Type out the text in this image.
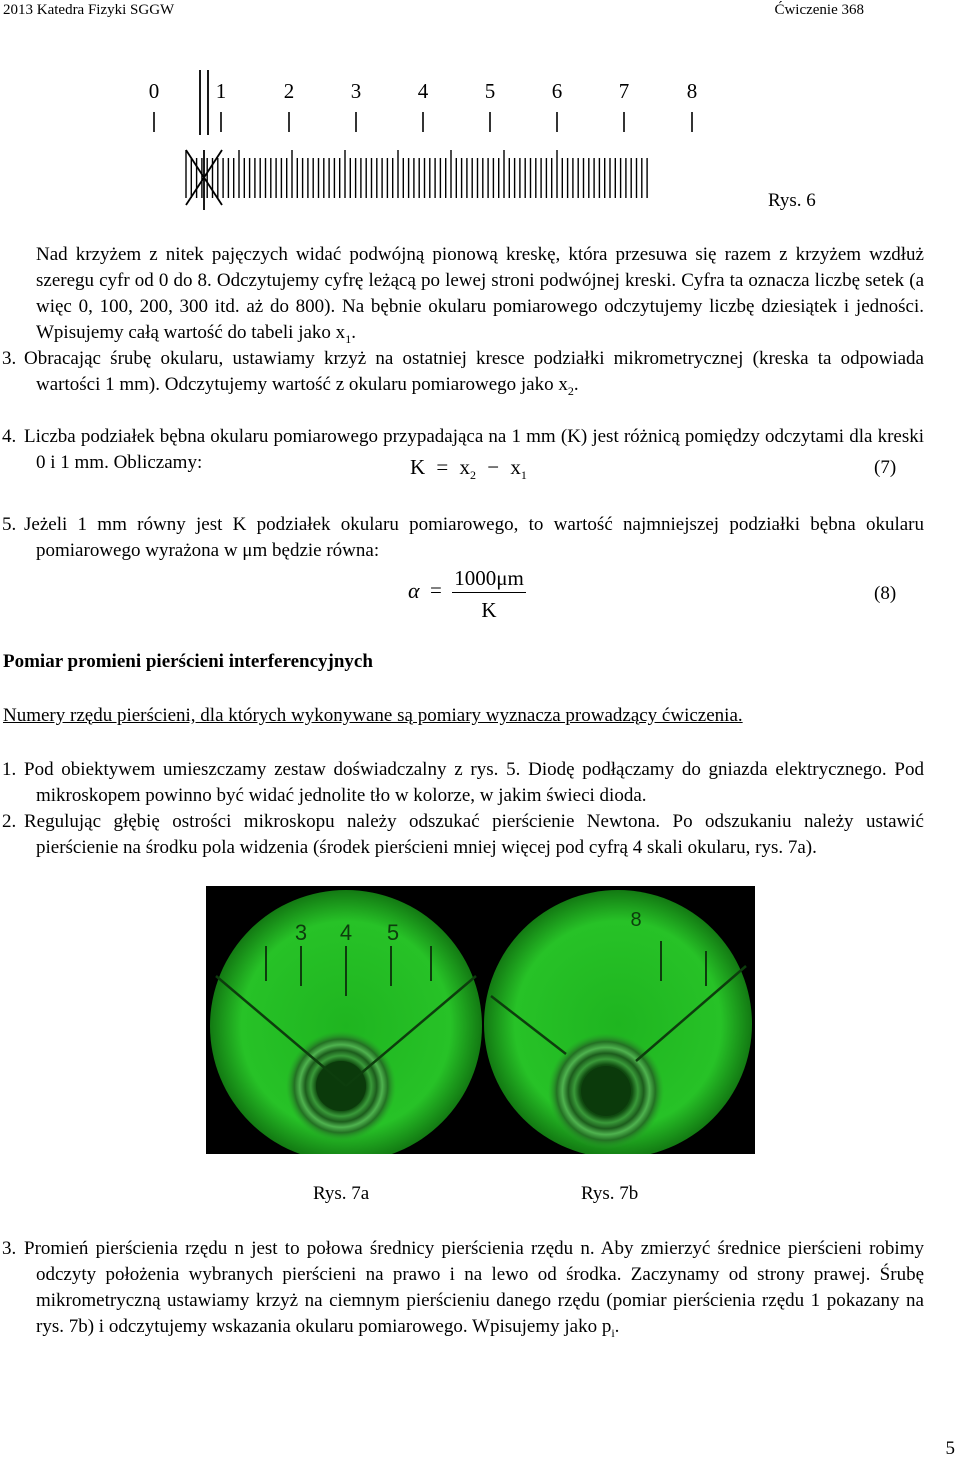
2013 Katedra Fizyki SGGW	Ćwiczenie 368
0	1	2	3	4	5	6	7	8
Rys. 6

Nad krzyżem z nitek pajęczych widać podwójną pionową kreskę, która przesuwa się razem z krzyżem wzdłuż szeregu cyfr od 0 do 8. Odczytujemy cyfrę leżącą po lewej stroni podwójnej kreski. Cyfra ta oznacza liczbę setek (a więc 0, 100, 200, 300 itd. aż do 800). Na bębnie okularu pomiarowego odczytujemy liczbę dziesiątek i jedności. Wpisujemy całą wartość do tabeli jako $x_1$.

3. Obracając śrubę okularu, ustawiamy krzyż na ostatniej kresce podziałki mikrometrycznej (kreska ta odpowiada wartości 1 mm). Odczytujemy wartość z okularu pomiarowego jako $x_2$.

4. Liczba podziałek bębna okularu pomiarowego przypadająca na 1 mm (K) jest różnicą pomiędzy odczytami dla kreski 0 i 1 mm. Obliczamy:	$K = x_2 - x_1$	(7)

5. Jeżeli 1 mm równy jest K podziałek okularu pomiarowego, to wartość najmniejszej podziałki bębna okularu pomiarowego wyrażona w μm będzie równa:

α = 1000μm
K
(8)
Pomiar promieni pierścieni interferencyjnych
Numery rzędu pierścieni, dla których wykonywane są pomiary wyznacza prowadzący ćwiczenia.

1. Pod obiektywem umieszczamy zestaw doświadczalny z rys. 5. Diodę podłączamy do gniazda elektrycznego. Pod mikroskopem powinno być widać jednolite tło w kolorze, w jakim świeci dioda.

2. Regulując głębię ostrości mikroskopu należy odszukać pierścienie Newtona. Po odszukaniu należy ustawić pierścienie na środku pola widzenia (środek pierścieni mniej więcej pod cyfrą 4 skali okularu, rys. 7a).

3 4 5	8
Rys. 7a	Rys. 7b

3. Promień pierścienia rzędu n jest to połowa średnicy pierścienia rzędu n. Aby zmierzyć średnice pierścieni robimy odczyty położenia wybranych pierścieni na prawo i na lewo od środka. Zaczynamy od strony prawej. Śrubę mikrometryczną ustawiamy krzyż na ciemnym pierścieniu danego rzędu (pomiar pierścienia rzędu 1 pokazany na rys. 7b) i odczytujemy wskazania okularu pomiarowego. Wpisujemy jako $p_i$.

5
